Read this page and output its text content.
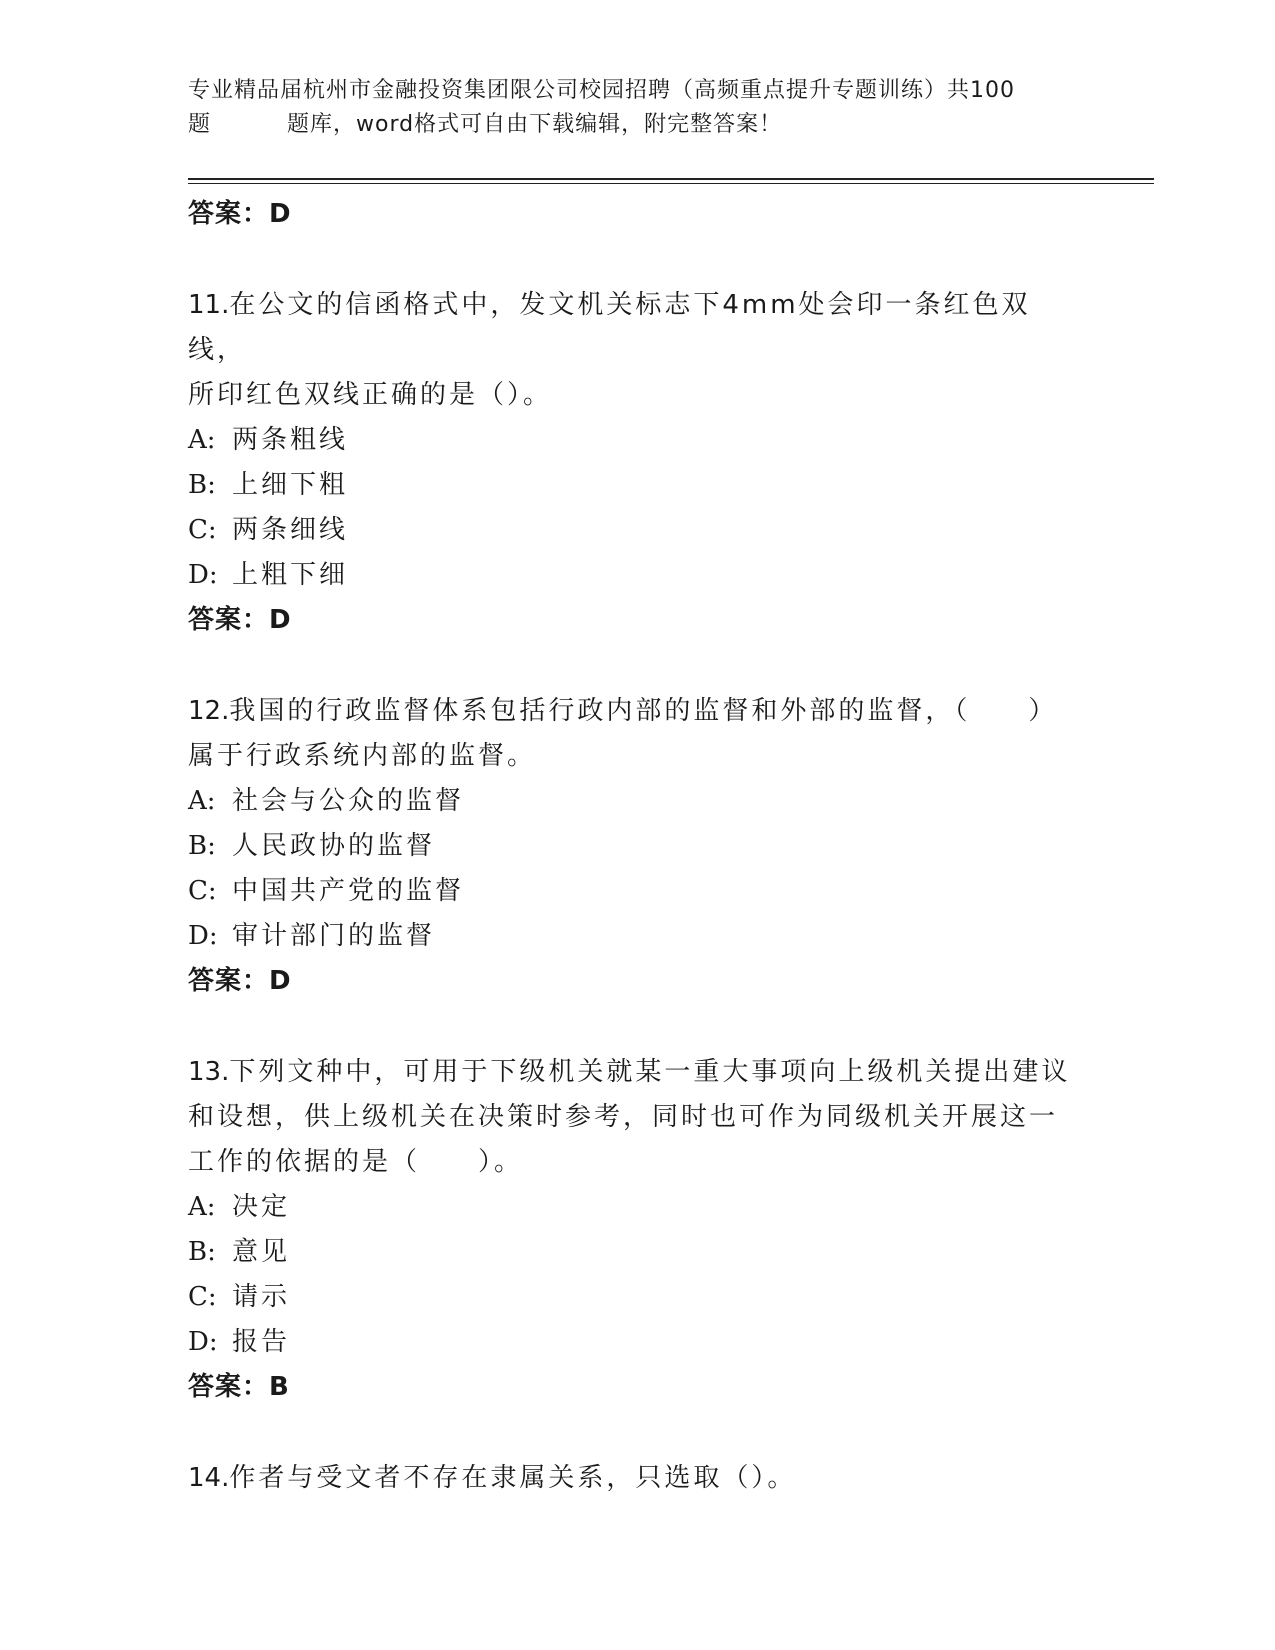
专业精品届杭州市金融投资集团限公司校园招聘（高频重点提升专题训练）共100
题	题库，word格式可自由下载编辑，附完整答案！
答案：D
11.在公文的信函格式中，发文机关标志下4mm处会印一条红色双线，
所印红色双线正确的是（）。
A: 两条粗线
B: 上细下粗
C: 两条细线
D: 上粗下细
答案：D
12.我国的行政监督体系包括行政内部的监督和外部的监督，（　　）
属于行政系统内部的监督。
A: 社会与公众的监督
B: 人民政协的监督
C: 中国共产党的监督
D: 审计部门的监督
答案：D
13.下列文种中，可用于下级机关就某一重大事项向上级机关提出建议
和设想，供上级机关在决策时参考，同时也可作为同级机关开展这一
工作的依据的是（　　）。
A: 决定
B: 意见
C: 请示
D: 报告
答案：B
14.作者与受文者不存在隶属关系，只选取（）。
